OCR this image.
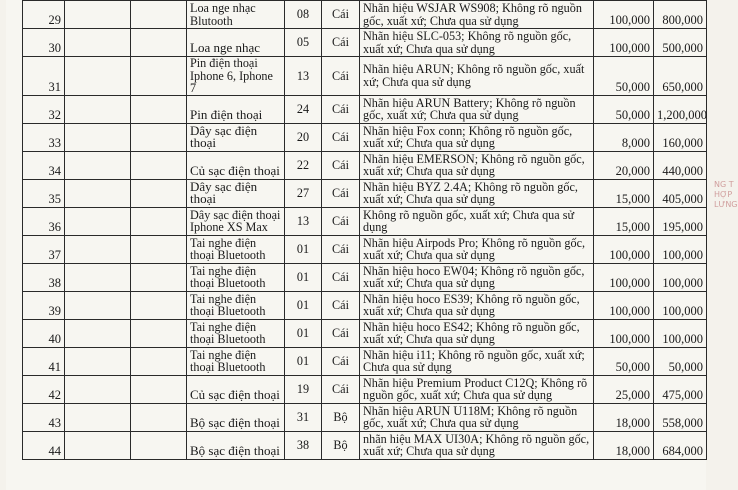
29			Loa nge nhạc Blutooth	08	Cái	Nhãn hiệu WSJAR WS908; Không rõ nguồn gốc, xuất xứ; Chưa qua sử dụng	100,000	800,000
30			Loa nge nhạc	05	Cái	Nhãn hiệu SLC-053; Không rõ nguồn gốc, xuất xứ; Chưa qua sử dụng	100,000	500,000
31			Pin điện thoại Iphone 6, Iphone 7	13	Cái	Nhãn hiệu ARUN; Không rõ nguồn gốc, xuất xứ; Chưa qua sử dụng	50,000	650,000
32			Pin điện thoại	24	Cái	Nhãn hiệu ARUN Battery; Không rõ nguồn gốc, xuất xứ; Chưa qua sử dụng	50,000	1,200,000
33			Dây sạc điện thoại	20	Cái	Nhãn hiệu Fox conn; Không rõ nguồn gốc, xuất xứ; Chưa qua sử dụng	8,000	160,000
34			Củ sạc điện thoại	22	Cái	Nhãn hiệu EMERSON; Không rõ nguồn gốc, xuất xứ; Chưa qua sử dụng	20,000	440,000
35			Dây sạc điện thoại	27	Cái	Nhãn hiệu BYZ 2.4A; Không rõ nguồn gốc, xuất xứ; Chưa qua sử dụng	15,000	405,000
36			Dây sạc điện thoại Iphone XS Max	13	Cái	Không rõ nguồn gốc, xuất xứ; Chưa qua sử dụng	15,000	195,000
37			Tai nghe điện thoại Bluetooth	01	Cái	Nhãn hiệu Airpods Pro; Không rõ nguồn gốc, xuất xứ; Chưa qua sử dụng	100,000	100,000
38			Tai nghe điện thoại Bluetooth	01	Cái	Nhãn hiệu hoco EW04; Không rõ nguồn gốc, xuất xứ; Chưa qua sử dụng	100,000	100,000
39			Tai nghe điện thoại Bluetooth	01	Cái	Nhãn hiệu hoco ES39; Không rõ nguồn gốc, xuất xứ; Chưa qua sử dụng	100,000	100,000
40			Tai nghe điện thoại Bluetooth	01	Cái	Nhãn hiệu hoco ES42; Không rõ nguồn gốc, xuất xứ; Chưa qua sử dụng	100,000	100,000
41			Tai nghe điện thoại Bluetooth	01	Cái	Nhãn hiệu i11; Không rõ nguồn gốc, xuất xứ; Chưa qua sử dụng	50,000	50,000
42			Củ sạc điện thoại	19	Cái	Nhãn hiệu Premium Product C12Q; Không rõ nguồn gốc, xuất xứ; Chưa qua sử dụng	25,000	475,000
43			Bộ sạc điện thoại	31	Bộ	Nhãn hiệu ARUN U118M; Không rõ nguồn gốc, xuất xứ; Chưa qua sử dụng	18,000	558,000
44			Bộ sạc điện thoại	38	Bộ	nhãn hiệu MAX UI30A; Không rõ nguồn gốc, xuất xứ; Chưa qua sử dụng	18,000	684,000
NG T
HỢP
LƯNG
